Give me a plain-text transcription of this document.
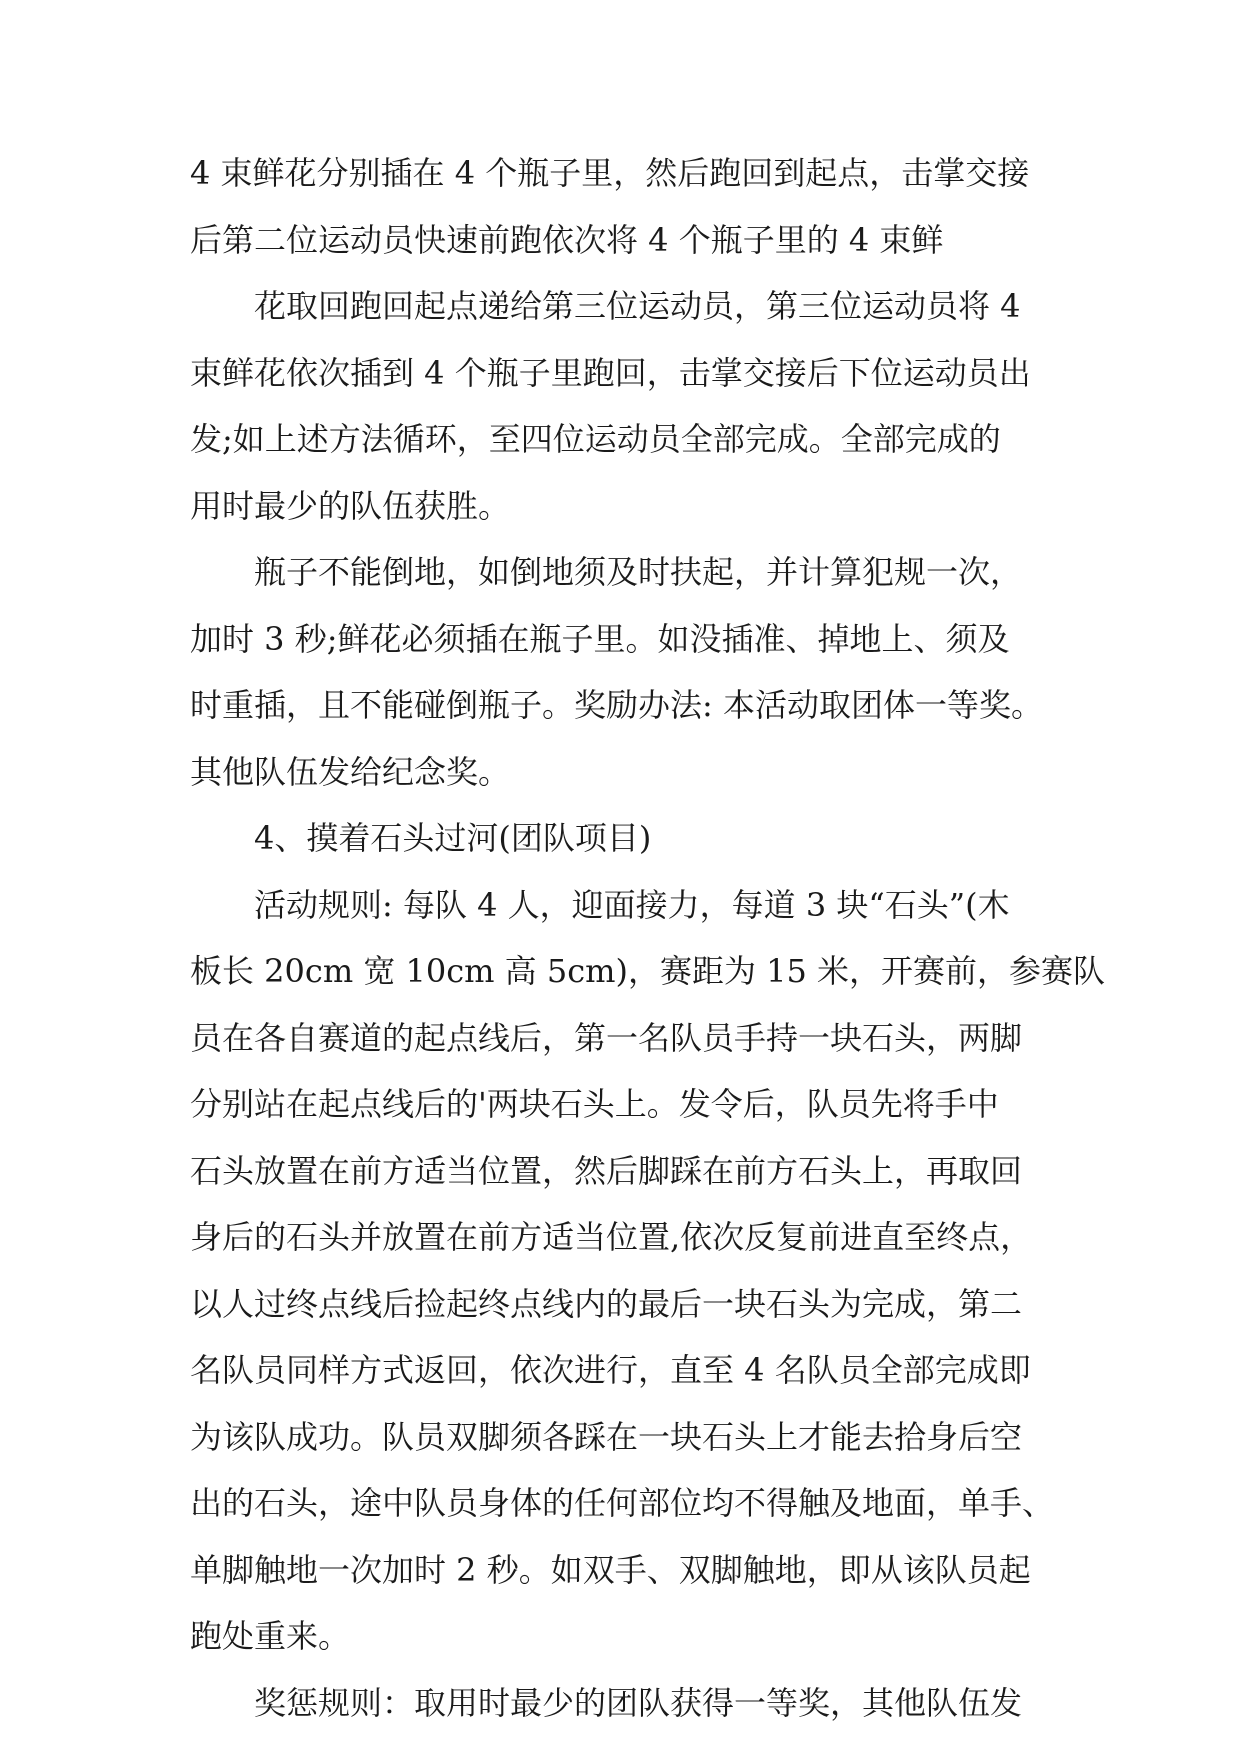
4 束鲜花分别插在 4 个瓶子里，然后跑回到起点，击掌交接
后第二位运动员快速前跑依次将 4 个瓶子里的 4 束鲜
花取回跑回起点递给第三位运动员，第三位运动员将 4
束鲜花依次插到 4 个瓶子里跑回，击掌交接后下位运动员出
发;如上述方法循环，至四位运动员全部完成。全部完成的
用时最少的队伍获胜。
瓶子不能倒地，如倒地须及时扶起，并计算犯规一次，
加时 3 秒;鲜花必须插在瓶子里。如没插准、掉地上、须及
时重插，且不能碰倒瓶子。奖励办法: 本活动取团体一等奖。
其他队伍发给纪念奖。
4、摸着石头过河(团队项目)
活动规则: 每队 4 人，迎面接力，每道 3 块“石头”(木
板长 20cm 宽 10cm 高 5cm)，赛距为 15 米，开赛前，参赛队
员在各自赛道的起点线后，第一名队员手持一块石头，两脚
分别站在起点线后的'两块石头上。发令后，队员先将手中
石头放置在前方适当位置，然后脚踩在前方石头上，再取回
身后的石头并放置在前方适当位置,依次反复前进直至终点，
以人过终点线后捡起终点线内的最后一块石头为完成，第二
名队员同样方式返回，依次进行，直至 4 名队员全部完成即
为该队成功。队员双脚须各踩在一块石头上才能去拾身后空
出的石头，途中队员身体的任何部位均不得触及地面，单手、
单脚触地一次加时 2 秒。如双手、双脚触地，即从该队员起
跑处重来。
奖惩规则：取用时最少的团队获得一等奖，其他队伍发
